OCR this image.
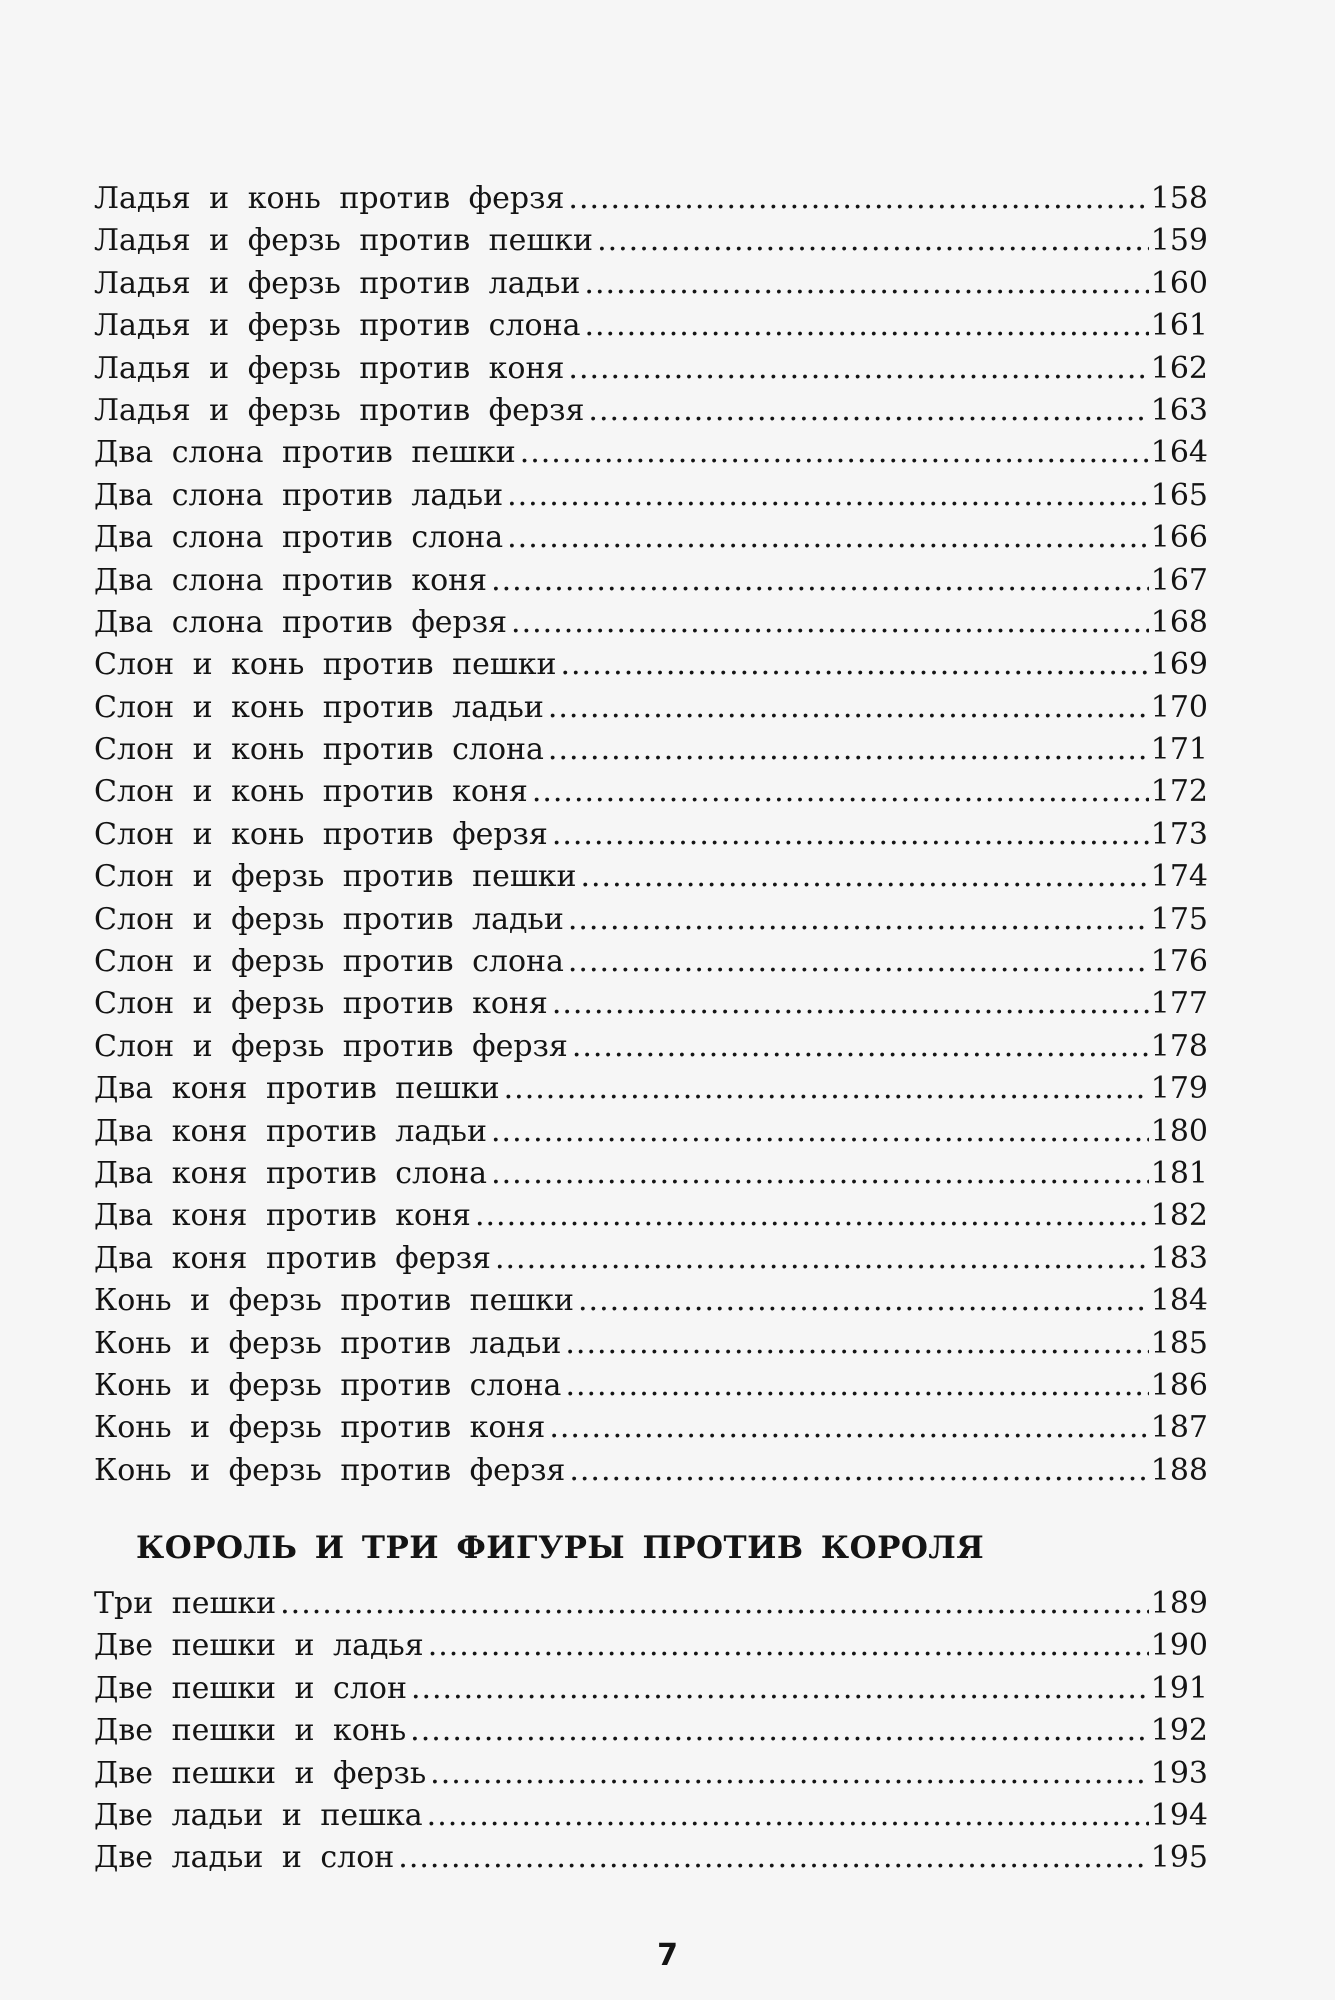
Ладья и конь против ферзя .....	158
Ладья и ферзь против пешки .....	159
Ладья и ферзь против ладьи .....	160
Ладья и ферзь против слона .....	161
Ладья и ферзь против коня .....	162
Ладья и ферзь против ферзя .....	163
Два слона против пешки .....	164
Два слона против ладьи .....	165
Два слона против слона .....	166
Два слона против коня .....	167
Два слона против ферзя .....	168
Слон и конь против пешки .....	169
Слон и конь против ладьи .....	170
Слон и конь против слона .....	171
Слон и конь против коня .....	172
Слон и конь против ферзя .....	173
Слон и ферзь против пешки .....	174
Слон и ферзь против ладьи .....	175
Слон и ферзь против слона .....	176
Слон и ферзь против коня .....	177
Слон и ферзь против ферзя .....	178
Два коня против пешки .....	179
Два коня против ладьи .....	180
Два коня против слона .....	181
Два коня против коня .....	182
Два коня против ферзя .....	183
Конь и ферзь против пешки .....	184
Конь и ферзь против ладьи .....	185
Конь и ферзь против слона .....	186
Конь и ферзь против коня .....	187
Конь и ферзь против ферзя .....	188
КОРОЛЬ И ТРИ ФИГУРЫ ПРОТИВ КОРОЛЯ
Три пешки .....	189
Две пешки и ладья .....	190
Две пешки и слон .....	191
Две пешки и конь .....	192
Две пешки и ферзь .....	193
Две ладьи и пешка .....	194
Две ладьи и слон .....	195
7
